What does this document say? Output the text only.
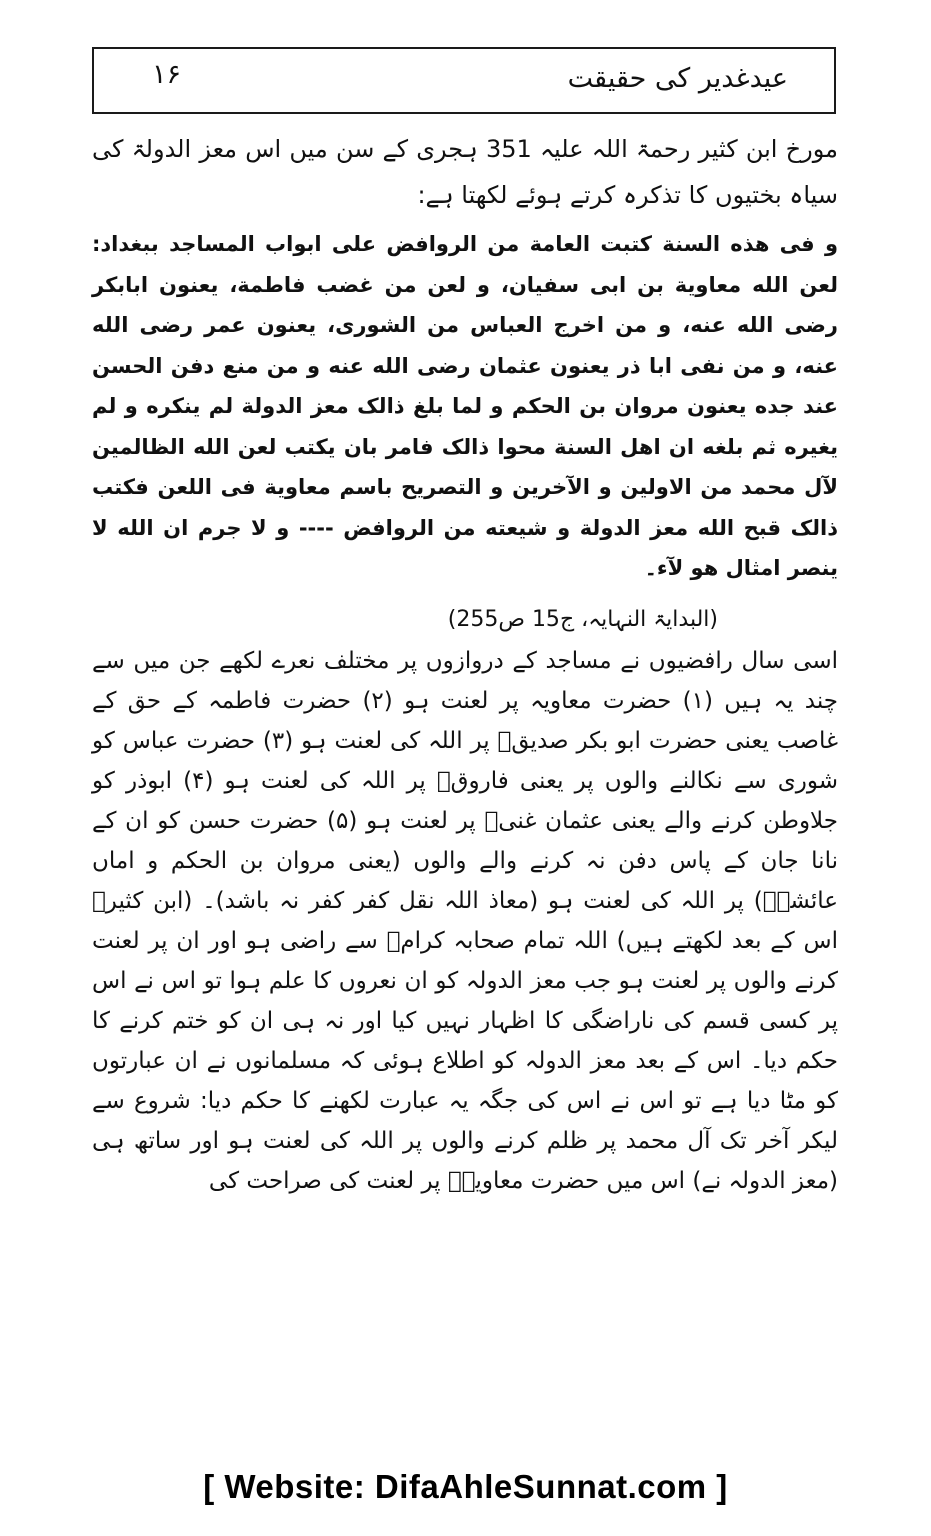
عیدغدیر کی حقیقت
۱۶

مورخ ابن کثیر رحمۃ اللہ علیہ 351 ہجری کے سن میں اس معز الدولۃ کی سیاہ بختیوں کا تذکرہ کرتے ہوئے لکھتا ہے:

و فی هذه السنة کتبت العامة من الروافض علی ابواب المساجد ببغداد: لعن الله معاویة بن ابی سفیان، و لعن من غضب فاطمة، یعنون ابابکر رضی الله عنه، و من اخرج العباس من الشوری، یعنون عمر رضی الله عنه، و من نفی ابا ذر یعنون عثمان رضی الله عنه و من منع دفن الحسن عند جده یعنون مروان بن الحکم و لما بلغ ذالک معز الدولة لم ینکره و لم یغیره ثم بلغه ان اهل السنة محوا ذالک فامر بان یکتب لعن الله الظالمین لآل محمد من الاولین و الآخرین و التصریح باسم معاویة فی اللعن فکتب ذالک قبح الله معز الدولة و شیعته من الروافض ---- و لا جرم ان الله لا ینصر امثال هو لآء۔

(البدایۃ النہایہ، ج15 ص255)

اسی سال رافضیوں نے مساجد کے دروازوں پر مختلف نعرے لکھے جن میں سے چند یہ ہیں (۱) حضرت معاویہ پر لعنت ہو (۲) حضرت فاطمہ کے حق کے غاصب یعنی حضرت ابو بکر صدیقؓ پر اللہ کی لعنت ہو (۳) حضرت عباس کو شوری سے نکالنے والوں پر یعنی فاروقؓ پر اللہ کی لعنت ہو (۴) ابوذر کو جلاوطن کرنے والے یعنی عثمان غنیؓ پر لعنت ہو (۵) حضرت حسن کو ان کے نانا جان کے پاس دفن نہ کرنے والے والوں (یعنی مروان بن الحکم و اماں عائشہؓ) پر اللہ کی لعنت ہو (معاذ اللہ نقل کفر کفر نہ باشد)۔ (ابن کثیرؒ اس کے بعد لکھتے ہیں) اللہ تمام صحابہ کرامؓ سے راضی ہو اور ان پر لعنت کرنے والوں پر لعنت ہو جب معز الدولہ کو ان نعروں کا علم ہوا تو اس نے اس پر کسی قسم کی ناراضگی کا اظہار نہیں کیا اور نہ ہی ان کو ختم کرنے کا حکم دیا۔ اس کے بعد معز الدولہ کو اطلاع ہوئی کہ مسلمانوں نے ان عبارتوں کو مٹا دیا ہے تو اس نے اس کی جگہ یہ عبارت لکھنے کا حکم دیا: شروع سے لیکر آخر تک آل محمد پر ظلم کرنے والوں پر اللہ کی لعنت ہو اور ساتھ ہی (معز الدولہ نے) اس میں حضرت معاویہؓ پر لعنت کی صراحت کی

[ Website: DifaAhleSunnat.com ]
